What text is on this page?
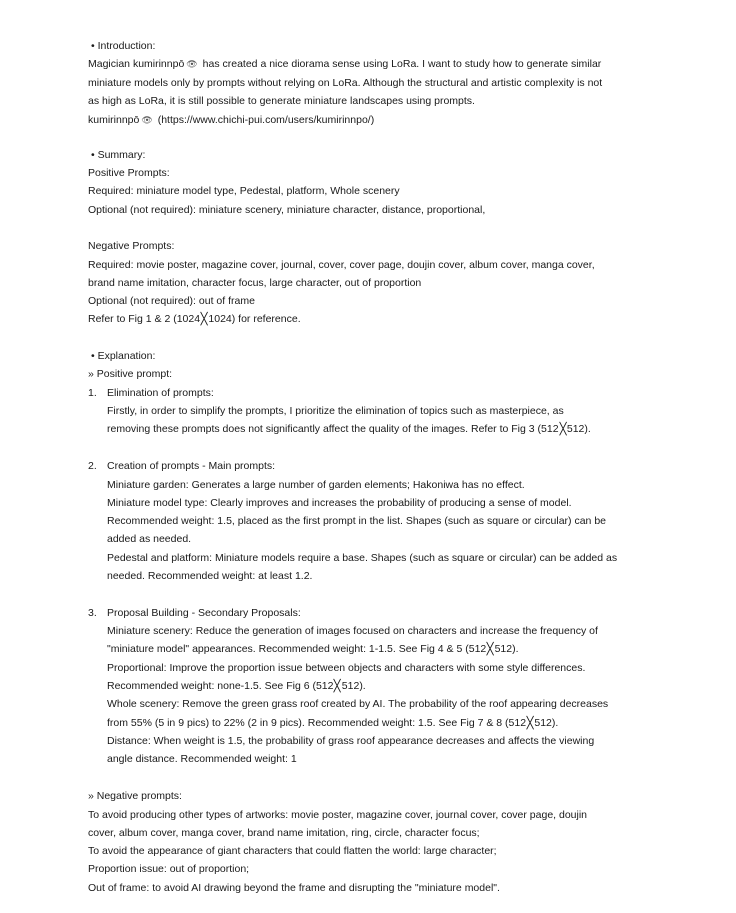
• Introduction:
Magician kumirinnpō 👁 has created a nice diorama sense using LoRa. I want to study how to generate similar
miniature models only by prompts without relying on LoRa. Although the structural and artistic complexity is not
as high as LoRa, it is still possible to generate miniature landscapes using prompts.
kumirinnpō 👁 (https://www.chichi-pui.com/users/kumirinnpo/)
• Summary:
Positive Prompts:
Required: miniature model type, Pedestal, platform, Whole scenery
Optional (not required): miniature scenery, miniature character, distance, proportional,
Negative Prompts:
Required: movie poster, magazine cover, journal, cover, cover page, doujin cover, album cover, manga cover,
brand name imitation, character focus, large character, out of proportion
Optional (not required): out of frame
Refer to Fig 1 & 2 (1024╳1024) for reference.
• Explanation:
» Positive prompt:
1. Elimination of prompts:
Firstly, in order to simplify the prompts, I prioritize the elimination of topics such as masterpiece, as
removing these prompts does not significantly affect the quality of the images. Refer to Fig 3 (512╳512).
2. Creation of prompts - Main prompts:
Miniature garden: Generates a large number of garden elements; Hakoniwa has no effect.
Miniature model type: Clearly improves and increases the probability of producing a sense of model.
Recommended weight: 1.5, placed as the first prompt in the list. Shapes (such as square or circular) can be
added as needed.
Pedestal and platform: Miniature models require a base. Shapes (such as square or circular) can be added as
needed. Recommended weight: at least 1.2.
3. Proposal Building - Secondary Proposals:
Miniature scenery: Reduce the generation of images focused on characters and increase the frequency of
"miniature model" appearances. Recommended weight: 1-1.5. See Fig 4 & 5 (512╳512).
Proportional: Improve the proportion issue between objects and characters with some style differences.
Recommended weight: none-1.5. See Fig 6 (512╳512).
Whole scenery: Remove the green grass roof created by AI. The probability of the roof appearing decreases
from 55% (5 in 9 pics) to 22% (2 in 9 pics). Recommended weight: 1.5. See Fig 7 & 8 (512╳512).
Distance: When weight is 1.5, the probability of grass roof appearance decreases and affects the viewing
angle distance. Recommended weight: 1
» Negative prompts:
To avoid producing other types of artworks: movie poster, magazine cover, journal cover, cover page, doujin
cover, album cover, manga cover, brand name imitation, ring, circle, character focus;
To avoid the appearance of giant characters that could flatten the world: large character;
Proportion issue: out of proportion;
Out of frame: to avoid AI drawing beyond the frame and disrupting the "miniature model".
